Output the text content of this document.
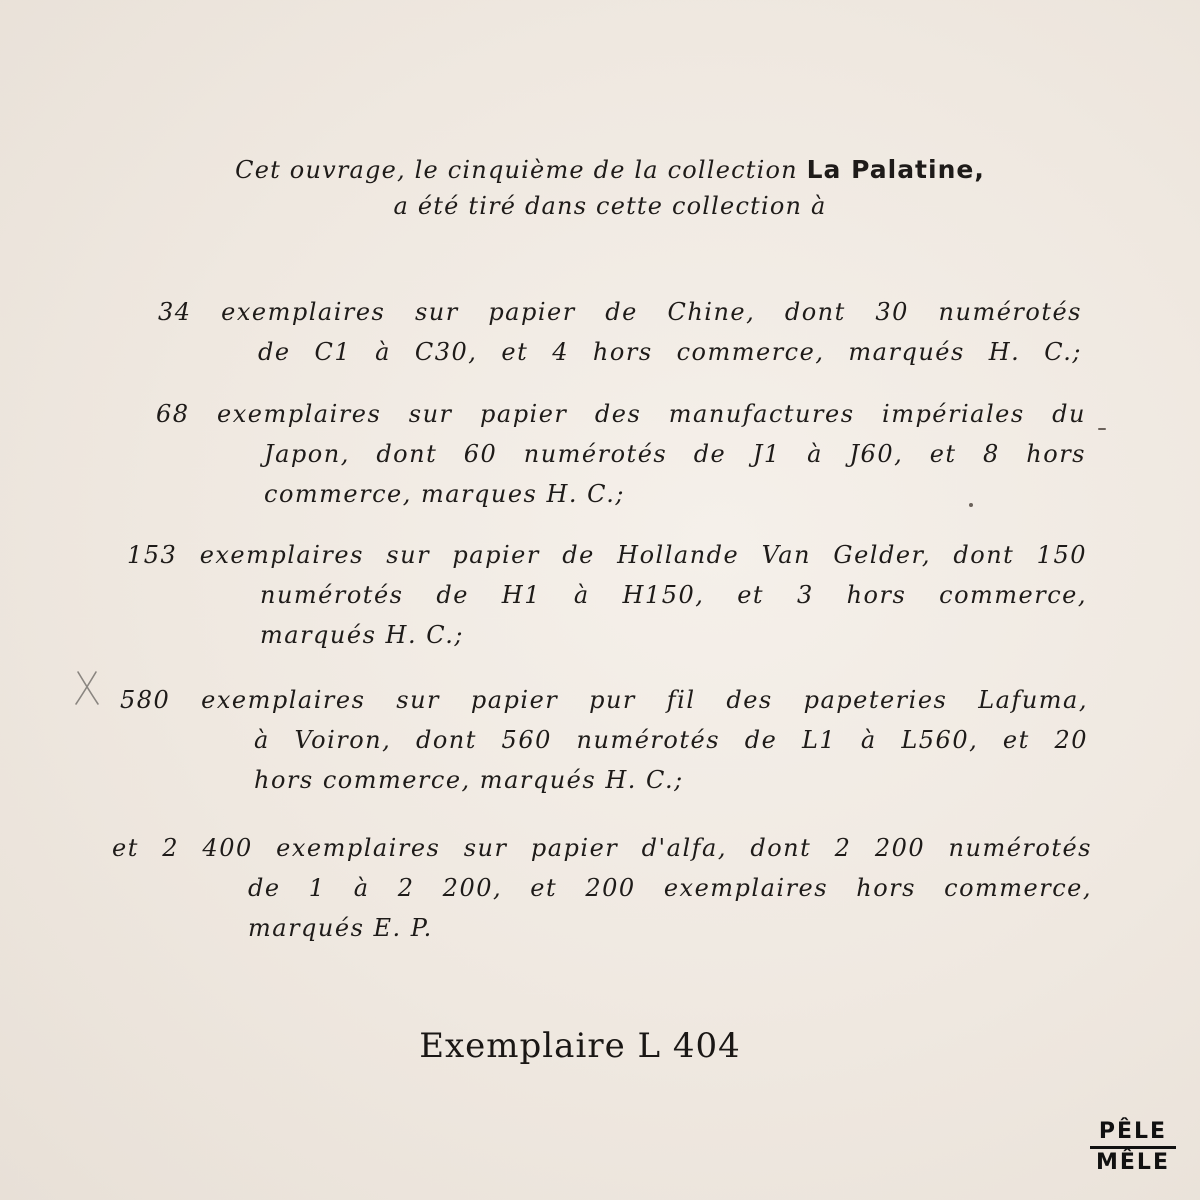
Cet ouvrage, le cinquième de la collection La Palatine,
a été tiré dans cette collection à
34 exemplaires sur papier de Chine, dont 30 numérotés
de C1 à C30, et 4 hors commerce, marqués H. C.;
68 exemplaires sur papier des manufactures impériales du
Japon, dont 60 numérotés de J1 à J60, et 8 hors
commerce, marques H. C.;
153 exemplaires sur papier de Hollande Van Gelder, dont 150
numérotés de H1 à H150, et 3 hors commerce,
marqués H. C.;
580 exemplaires sur papier pur fil des papeteries Lafuma,
à Voiron, dont 560 numérotés de L1 à L560, et 20
hors commerce, marqués H. C.;
et 2 400 exemplaires sur papier d'alfa, dont 2 200 numérotés
de 1 à 2 200, et 200 exemplaires hors commerce,
marqués E. P.
Exemplaire L 404
PÊLE
MÊLE
